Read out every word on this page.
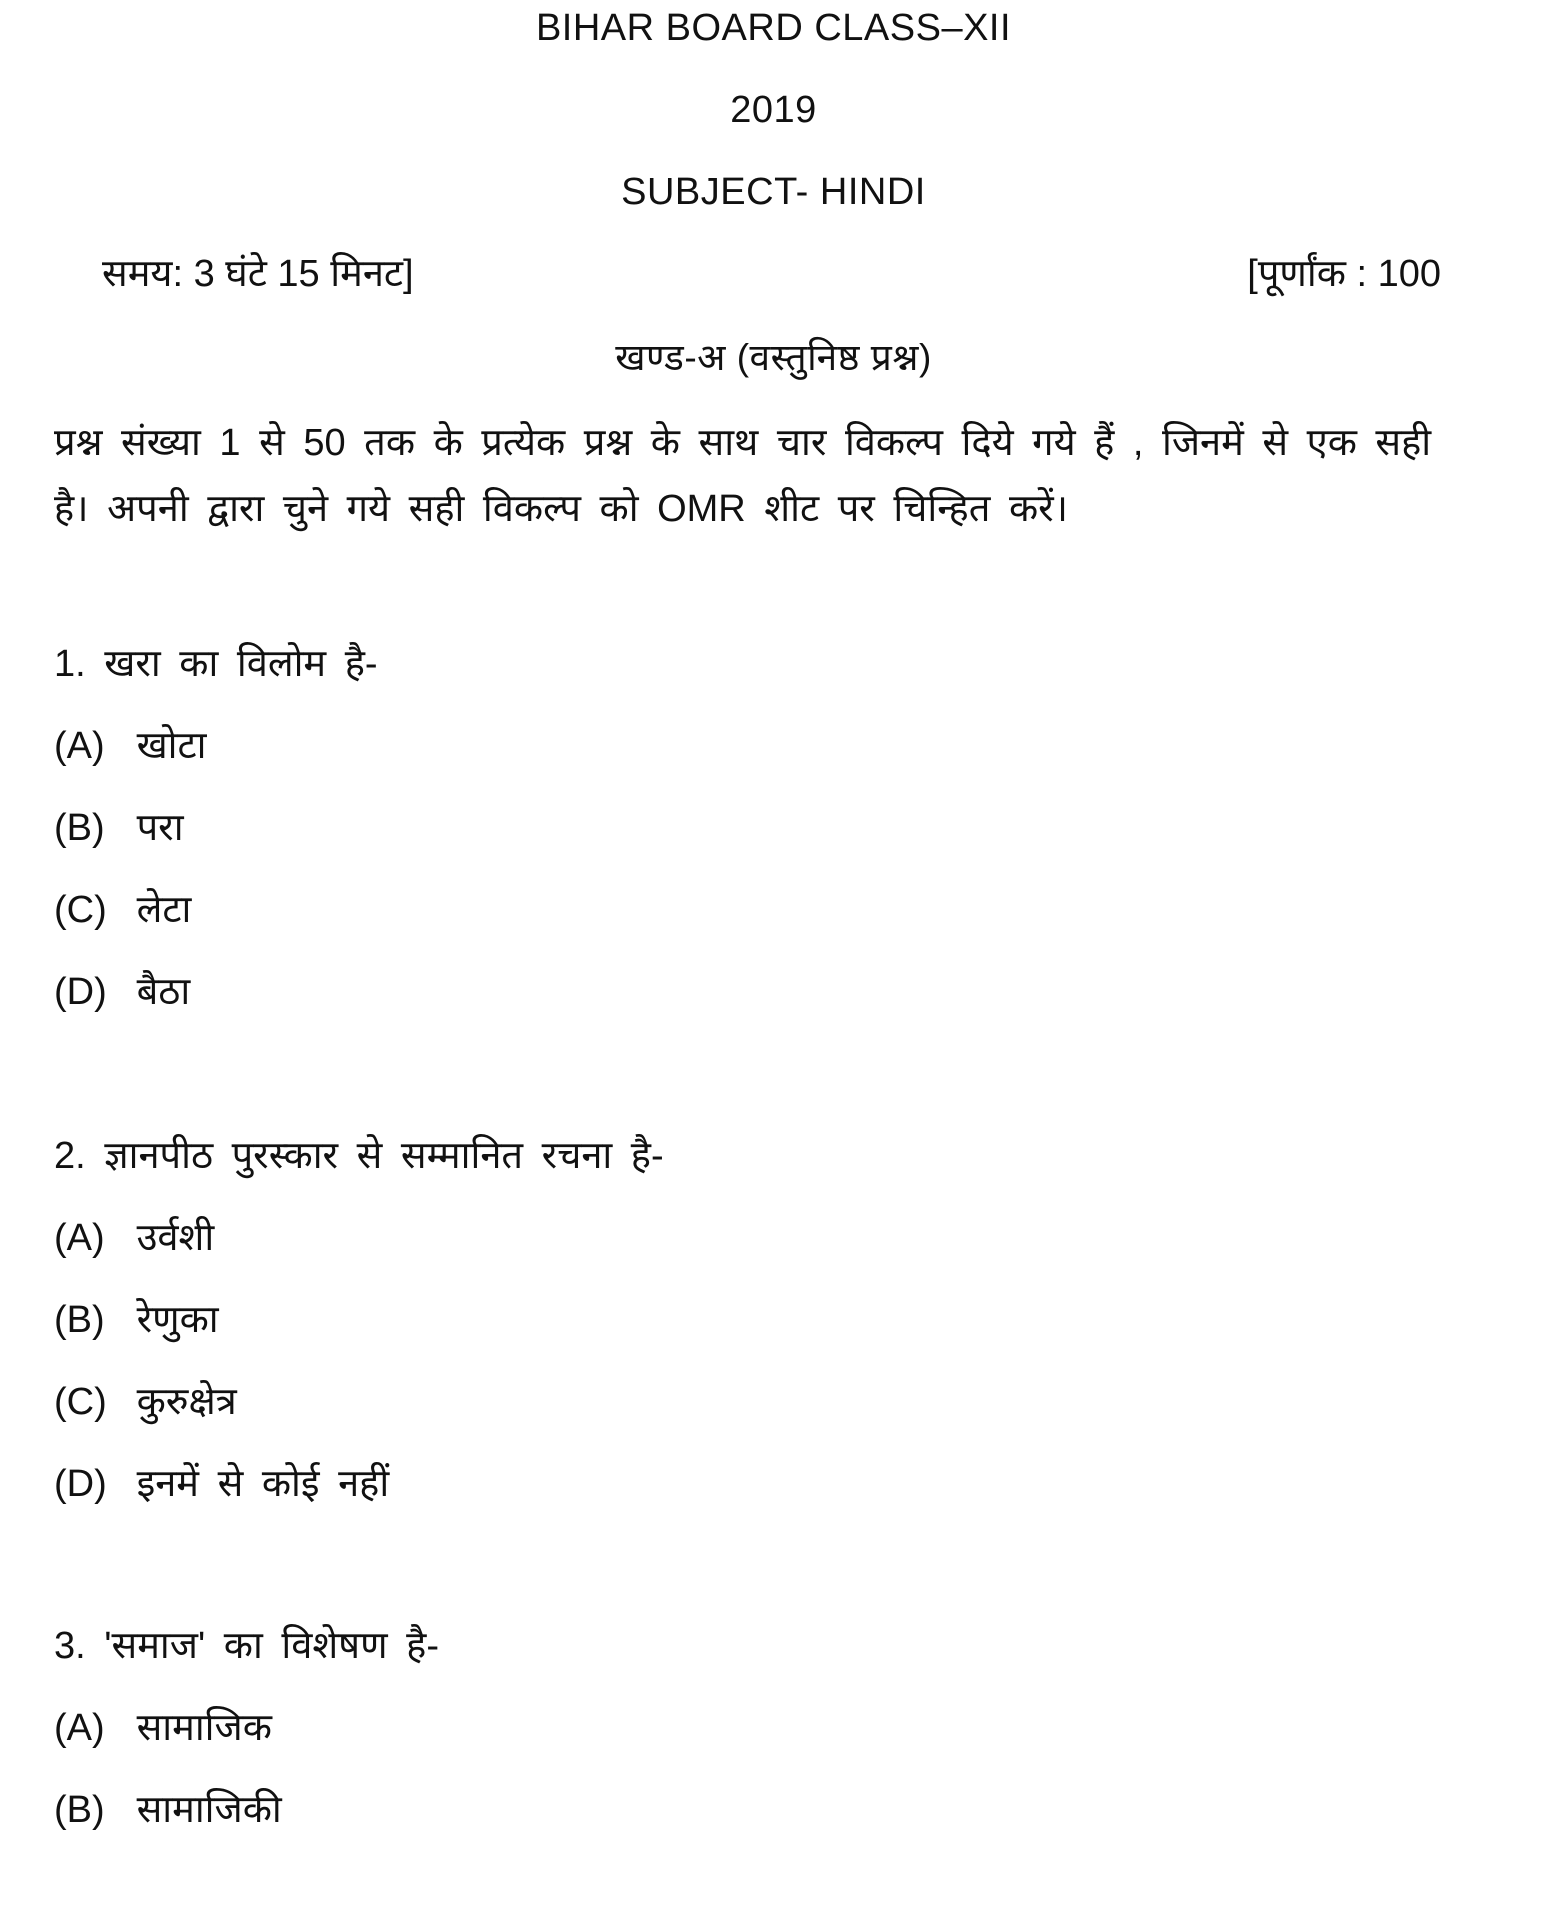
BIHAR BOARD CLASS–XII
2019
SUBJECT- HINDI
समय: 3 घंटे 15 मिनट]	[पूर्णांक : 100
खण्ड-अ (वस्तुनिष्ठ प्रश्न)
प्रश्न संख्या 1 से 50 तक के प्रत्येक प्रश्न के साथ चार विकल्प दिये गये हैं , जिनमें से एक सही है। अपनी द्वारा चुने गये सही विकल्प को OMR शीट पर चिन्हित करें।
1. खरा का विलोम है-
(A) खोटा
(B) परा
(C) लेटा
(D) बैठा
2. ज्ञानपीठ पुरस्कार से सम्मानित रचना है-
(A) उर्वशी
(B) रेणुका
(C) कुरुक्षेत्र
(D) इनमें से कोई नहीं
3. 'समाज' का विशेषण है-
(A) सामाजिक
(B) सामाजिकी
